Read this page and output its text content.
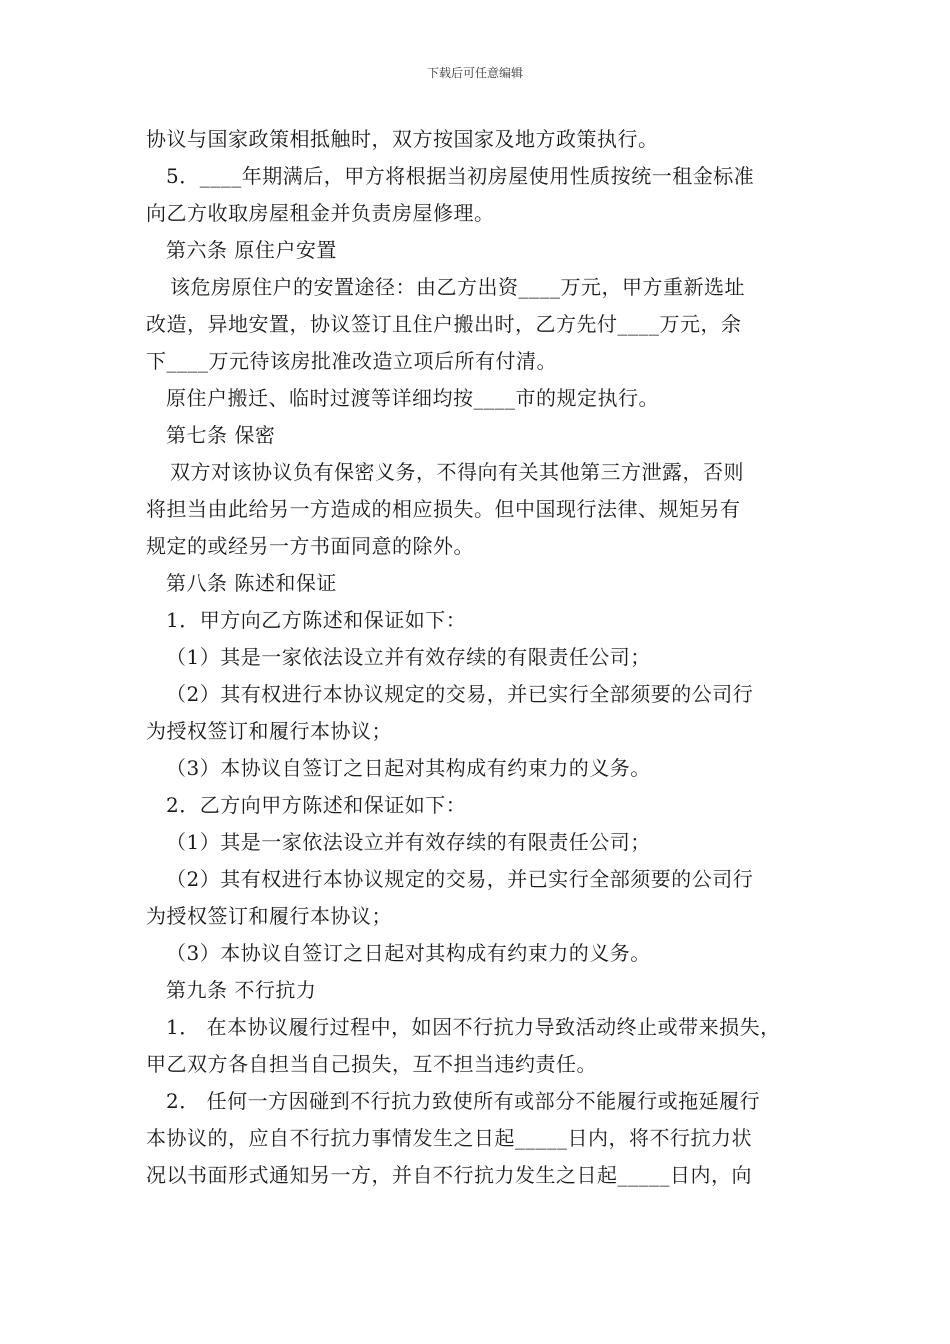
下载后可任意编辑
协议与国家政策相抵触时，双方按国家及地方政策执行。
5．____年期满后，甲方将根据当初房屋使用性质按统一租金标准
向乙方收取房屋租金并负责房屋修理。
第六条 原住户安置
该危房原住户的安置途径：由乙方出资____万元，甲方重新选址
改造，异地安置，协议签订且住户搬出时，乙方先付____万元，余
下____万元待该房批准改造立项后所有付清。
原住户搬迁、临时过渡等详细均按____市的规定执行。
第七条 保密
双方对该协议负有保密义务，不得向有关其他第三方泄露，否则
将担当由此给另一方造成的相应损失。但中国现行法律、规矩另有
规定的或经另一方书面同意的除外。
第八条 陈述和保证
1．甲方向乙方陈述和保证如下：
（1）其是一家依法设立并有效存续的有限责任公司；
（2）其有权进行本协议规定的交易，并已实行全部须要的公司行
为授权签订和履行本协议；
（3）本协议自签订之日起对其构成有约束力的义务。
2．乙方向甲方陈述和保证如下：
（1）其是一家依法设立并有效存续的有限责任公司；
（2）其有权进行本协议规定的交易，并已实行全部须要的公司行
为授权签订和履行本协议；
（3）本协议自签订之日起对其构成有约束力的义务。
第九条 不行抗力
1． 在本协议履行过程中，如因不行抗力导致活动终止或带来损失，
甲乙双方各自担当自己损失，互不担当违约责任。
2． 任何一方因碰到不行抗力致使所有或部分不能履行或拖延履行
本协议的，应自不行抗力事情发生之日起_____日内，将不行抗力状
况以书面形式通知另一方，并自不行抗力发生之日起_____日内，向
